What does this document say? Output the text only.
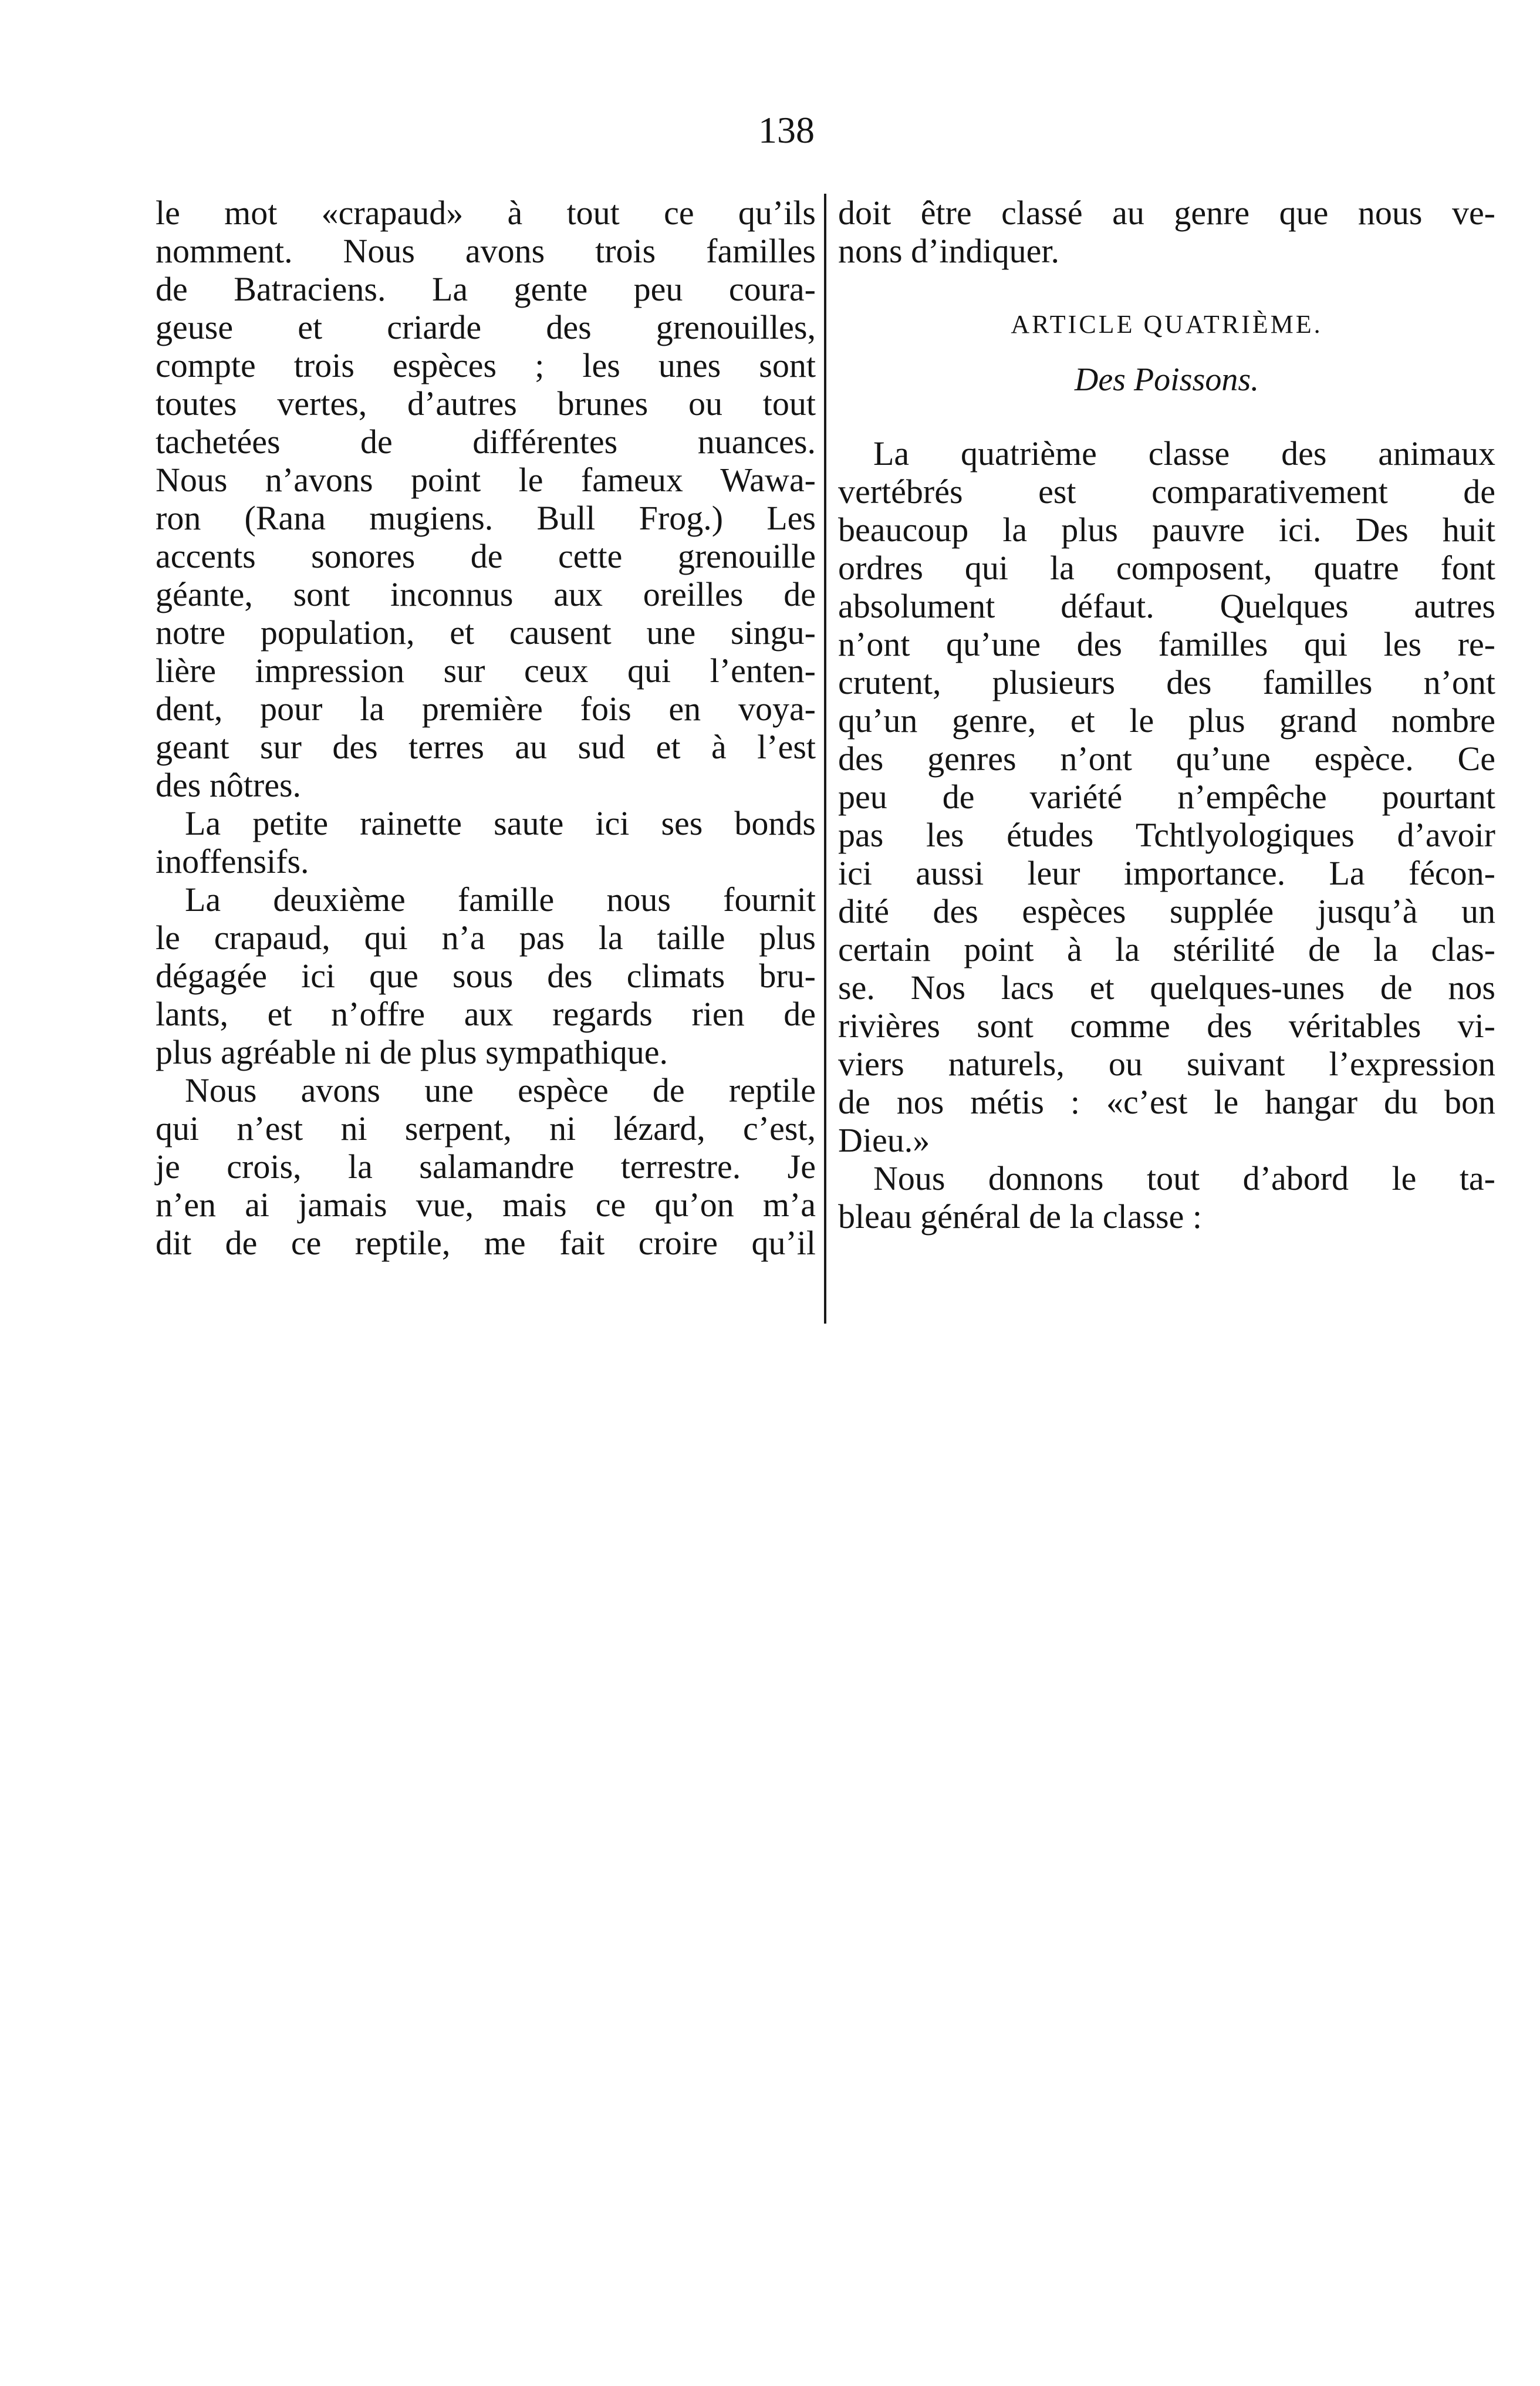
138
le mot «crapaud» à tout ce qu’ils
nomment. Nous avons trois familles
de Batraciens. La gente peu coura-
geuse et criarde des grenouilles,
compte trois espèces ; les unes sont
toutes vertes, d’autres brunes ou tout
tachetées de différentes nuances.
Nous n’avons point le fameux Wawa-
ron (Rana mugiens. Bull Frog.) Les
accents sonores de cette grenouille
géante, sont inconnus aux oreilles de
notre population, et causent une singu-
lière impression sur ceux qui l’enten-
dent, pour la première fois en voya-
geant sur des terres au sud et à l’est
des nôtres.
La petite rainette saute ici ses bonds
inoffensifs.
La deuxième famille nous fournit
le crapaud, qui n’a pas la taille plus
dégagée ici que sous des climats bru-
lants, et n’offre aux regards rien de
plus agréable ni de plus sympathique.
Nous avons une espèce de reptile
qui n’est ni serpent, ni lézard, c’est,
je crois, la salamandre terrestre. Je
n’en ai jamais vue, mais ce qu’on m’a
dit de ce reptile, me fait croire qu’il
doit être classé au genre que nous ve-
nons d’indiquer.
ARTICLE QUATRIÈME.
Des Poissons.
La quatrième classe des animaux
vertébrés est comparativement de
beaucoup la plus pauvre ici. Des huit
ordres qui la composent, quatre font
absolument défaut. Quelques autres
n’ont qu’une des familles qui les re-
crutent, plusieurs des familles n’ont
qu’un genre, et le plus grand nombre
des genres n’ont qu’une espèce. Ce
peu de variété n’empêche pourtant
pas les études Tchtlyologiques d’avoir
ici aussi leur importance. La fécon-
dité des espèces supplée jusqu’à un
certain point à la stérilité de la clas-
se. Nos lacs et quelques-unes de nos
rivières sont comme des véritables vi-
viers naturels, ou suivant l’expression
de nos métis : «c’est le hangar du bon
Dieu.»
Nous donnons tout d’abord le ta-
bleau général de la classe :
